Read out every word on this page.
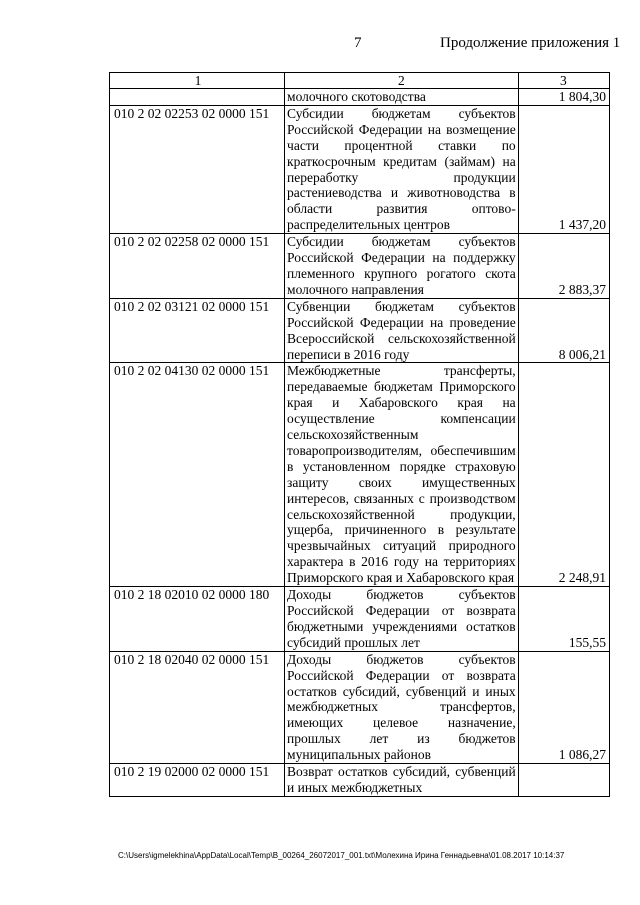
7	Продолжение приложения 1
1	2	3
	молочного скотоводства	1 804,30
010 2 02 02253 02 0000 151	Субсидии бюджетам субъектов Российской Федерации на возмещение части процентной ставки по краткосрочным кредитам (займам) на переработку продукции растениеводства и животноводства в области развития оптово-распределительных центров	1 437,20
010 2 02 02258 02 0000 151	Субсидии бюджетам субъектов Российской Федерации на поддержку племенного крупного рогатого скота молочного направления	2 883,37
010 2 02 03121 02 0000 151	Субвенции бюджетам субъектов Российской Федерации на проведение Всероссийской сельскохозяйственной переписи в 2016 году	8 006,21
010 2 02 04130 02 0000 151	Межбюджетные трансферты, передаваемые бюджетам Приморского края и Хабаровского края на осуществление компенсации сельскохозяйственным товаропроизводителям, обеспечившим в установленном порядке страховую защиту своих имущественных интересов, связанных с производством сельскохозяйственной продукции, ущерба, причиненного в результате чрезвычайных ситуаций природного характера в 2016 году на территориях Приморского края и Хабаровского края	2 248,91
010 2 18 02010 02 0000 180	Доходы бюджетов субъектов Российской Федерации от возврата бюджетными учреждениями остатков субсидий прошлых лет	155,55
010 2 18 02040 02 0000 151	Доходы бюджетов субъектов Российской Федерации от возврата остатков субсидий, субвенций и иных межбюджетных трансфертов, имеющих целевое назначение, прошлых лет из бюджетов муниципальных районов	1 086,27
010 2 19 02000 02 0000 151	Возврат остатков субсидий, субвенций и иных межбюджетных	
C:\Users\igmelekhina\AppData\Local\Temp\В_00264_26072017_001.txt\Молехина Ирина Геннадьевна\01.08.2017 10:14:37
